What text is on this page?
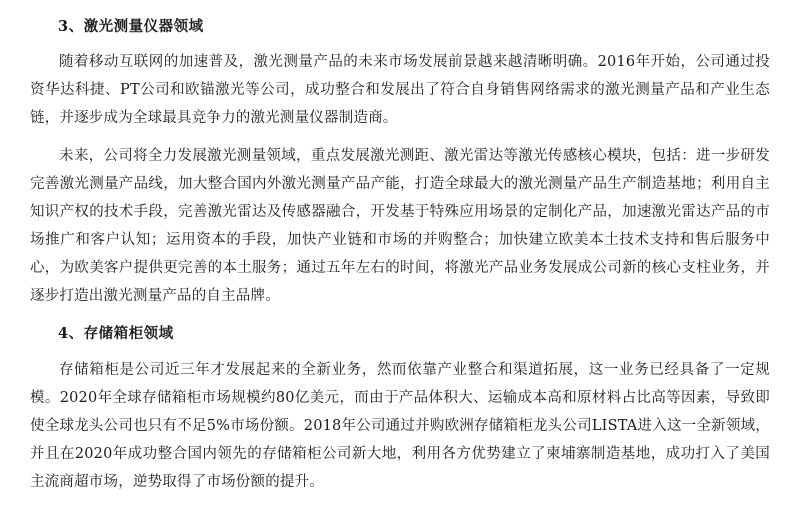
3、激光测量仪器领域
随着移动互联网的加速普及，激光测量产品的未来市场发展前景越来越清晰明确。2016年开始，公司通过投资华达科捷、PT公司和欧锚激光等公司，成功整合和发展出了符合自身销售网络需求的激光测量产品和产业生态链，并逐步成为全球最具竞争力的激光测量仪器制造商。
未来，公司将全力发展激光测量领域，重点发展激光测距、激光雷达等激光传感核心模块，包括：进一步研发完善激光测量产品线，加大整合国内外激光测量产品产能，打造全球最大的激光测量产品生产制造基地；利用自主知识产权的技术手段，完善激光雷达及传感器融合，开发基于特殊应用场景的定制化产品，加速激光雷达产品的市场推广和客户认知；运用资本的手段，加快产业链和市场的并购整合；加快建立欧美本土技术支持和售后服务中心，为欧美客户提供更完善的本土服务；通过五年左右的时间，将激光产品业务发展成公司新的核心支柱业务，并逐步打造出激光测量产品的自主品牌。
4、存储箱柜领域
存储箱柜是公司近三年才发展起来的全新业务，然而依靠产业整合和渠道拓展，这一业务已经具备了一定规模。2020年全球存储箱柜市场规模约80亿美元，而由于产品体积大、运输成本高和原材料占比高等因素，导致即使全球龙头公司也只有不足5%市场份额。2018年公司通过并购欧洲存储箱柜龙头公司LISTA进入这一全新领域，并且在2020年成功整合国内领先的存储箱柜公司新大地，利用各方优势建立了柬埔寨制造基地，成功打入了美国主流商超市场，逆势取得了市场份额的提升。
